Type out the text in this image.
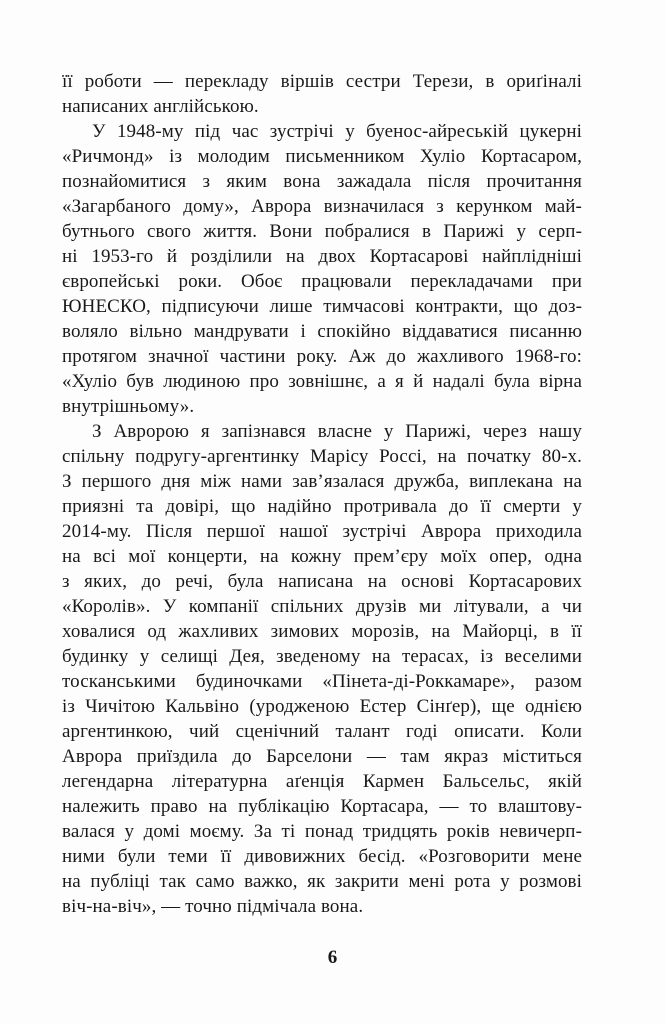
її роботи — перекладу віршів сестри Терези, в ориґіналі
написаних англійською.
У 1948-му під час зустрічі у буенос-айреській цукерні
«Ричмонд» із молодим письменником Хуліо Кортасаром,
познайомитися з яким вона зажадала після прочитання
«Загарбаного дому», Аврора визначилася з керунком май-
бутнього свого життя. Вони побралися в Парижі у серп-
ні 1953-го й розділили на двох Кортасарові найплідніші
європейські роки. Обоє працювали перекладачами при
ЮНЕСКО, підписуючи лише тимчасові контракти, що доз-
воляло вільно мандрувати і спокійно віддаватися писанню
протягом значної частини року. Аж до жахливого 1968-го:
«Хуліо був людиною про зовнішнє, а я й надалі була вірна
внутрішньому».
З Авророю я запізнався власне у Парижі, через нашу
спільну подругу-аргентинку Марісу Россі, на початку 80-х.
З першого дня між нами зав’язалася дружба, виплекана на
приязні та довірі, що надійно протривала до її смерти у
2014-му. Після першої нашої зустрічі Аврора приходила
на всі мої концерти, на кожну прем’єру моїх опер, одна
з яких, до речі, була написана на основі Кортасарових
«Королів». У компанії спільних друзів ми літували, а чи
ховалися од жахливих зимових морозів, на Майорці, в її
будинку у селищі Дея, зведеному на терасах, із веселими
тосканськими будиночками «Пінета-ді-Роккамаре», разом
із Чичітою Кальвіно (уродженою Естер Сінґер), ще однією
аргентинкою, чий сценічний талант годі описати. Коли
Аврора приїздила до Барселони — там якраз міститься
легендарна літературна аґенція Кармен Бальсельс, якій
належить право на публікацію Кортасара, — то влаштову-
валася у домі моєму. За ті понад тридцять років невичерп-
ними були теми її дивовижних бесід. «Розговорити мене
на публіці так само важко, як закрити мені рота у розмові
віч-на-віч», — точно підмічала вона.
6
